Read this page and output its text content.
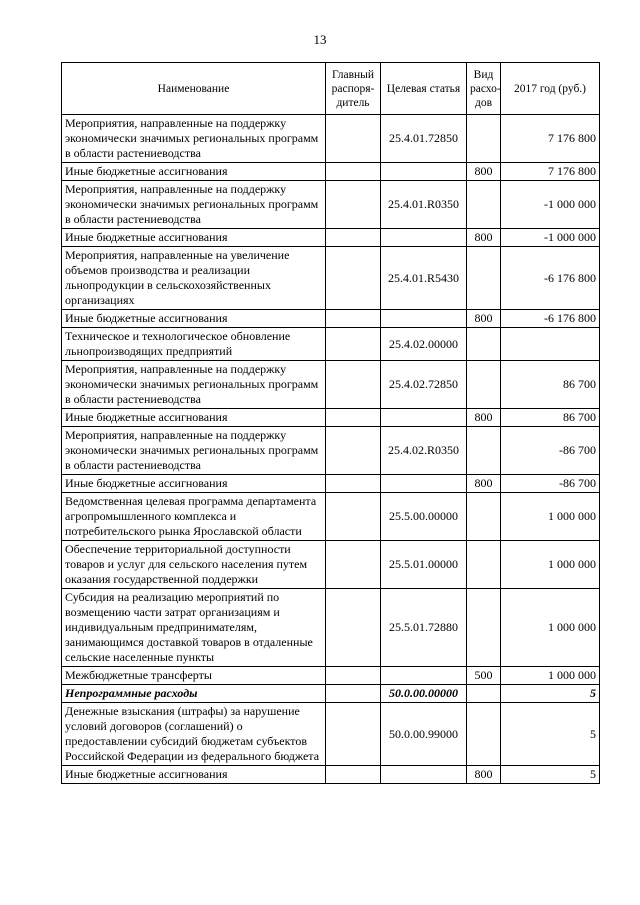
13
Наименование	Главный распоря-дитель	Целевая статья	Вид расхо-дов	2017 год (руб.)
Мероприятия, направленные на поддержку экономически значимых региональных программ в области растениеводства		25.4.01.72850		7 176 800
Иные бюджетные ассигнования			800	7 176 800
Мероприятия, направленные на поддержку экономически значимых региональных программ в области растениеводства		25.4.01.R0350		-1 000 000
Иные бюджетные ассигнования			800	-1 000 000
Мероприятия, направленные на увеличение объемов производства и реализации льнопродукции в сельскохозяйственных организациях		25.4.01.R5430		-6 176 800
Иные бюджетные ассигнования			800	-6 176 800
Техническое и технологическое обновление льнопроизводящих предприятий		25.4.02.00000		
Мероприятия, направленные на поддержку экономически значимых региональных программ в области растениеводства		25.4.02.72850		86 700
Иные бюджетные ассигнования			800	86 700
Мероприятия, направленные на поддержку экономически значимых региональных программ в области растениеводства		25.4.02.R0350		-86 700
Иные бюджетные ассигнования			800	-86 700
Ведомственная целевая программа департамента агропромышленного комплекса и потребительского рынка Ярославской области		25.5.00.00000		1 000 000
Обеспечение территориальной доступности товаров и услуг для сельского населения путем оказания государственной поддержки		25.5.01.00000		1 000 000
Субсидия на реализацию мероприятий по возмещению части затрат организациям и индивидуальным предпринимателям, занимающимся доставкой товаров в отдаленные сельские населенные пункты		25.5.01.72880		1 000 000
Межбюджетные трансферты			500	1 000 000
Непрограммные расходы		50.0.00.00000		5
Денежные взыскания (штрафы) за нарушение условий договоров (соглашений) о предоставлении субсидий бюджетам субъектов Российской Федерации из федерального бюджета		50.0.00.99000		5
Иные бюджетные ассигнования			800	5
